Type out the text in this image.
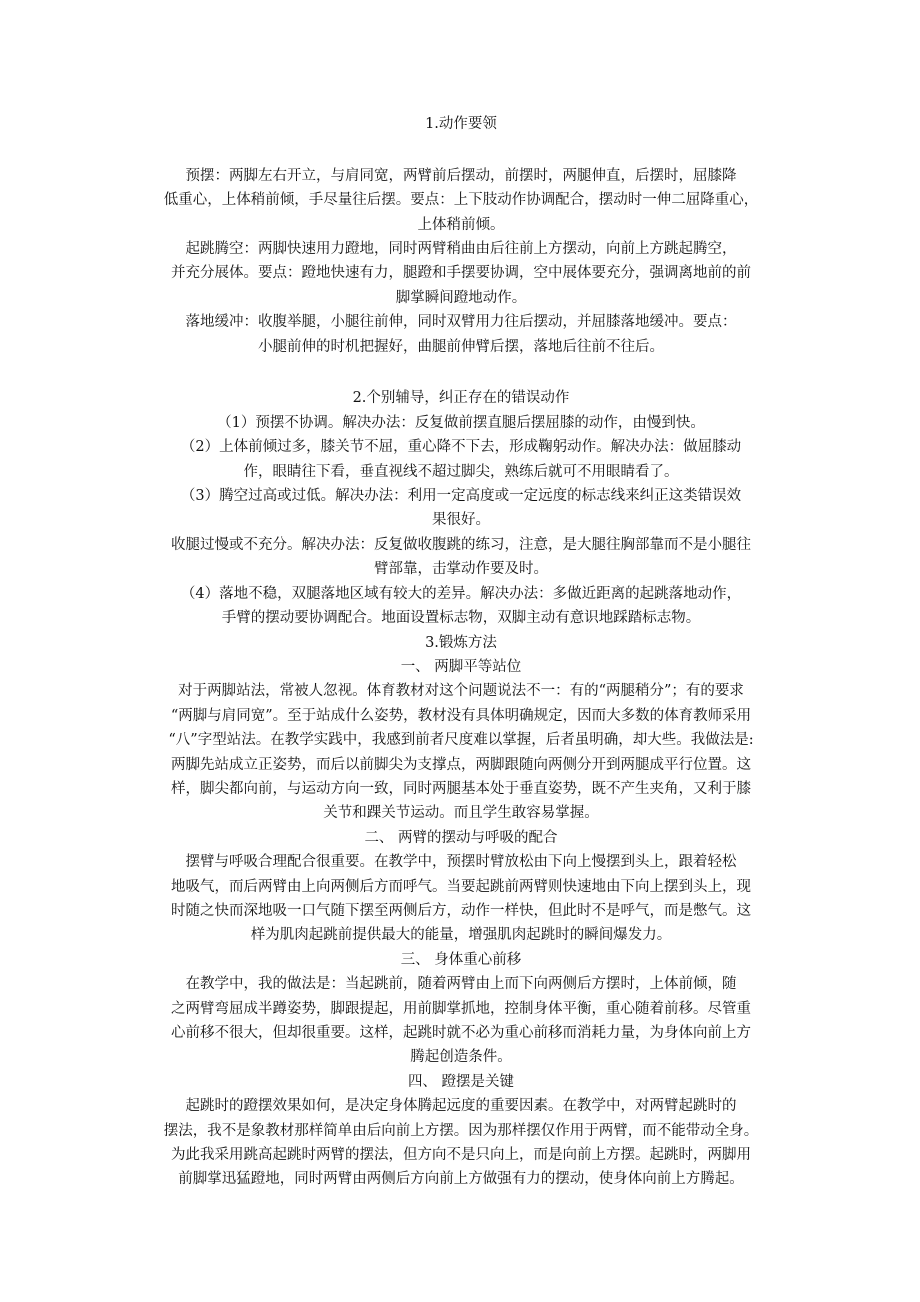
1.动作要领

预摆：两脚左右开立，与肩同宽，两臂前后摆动，前摆时，两腿伸直，后摆时，屈膝降

低重心，上体稍前倾，手尽量往后摆。要点：上下肢动作协调配合，摆动时一伸二屈降重心，

上体稍前倾。

起跳腾空：两脚快速用力蹬地，同时两臂稍曲由后往前上方摆动，向前上方跳起腾空，

并充分展体。要点：蹬地快速有力，腿蹬和手摆要协调，空中展体要充分，强调离地前的前

脚掌瞬间蹬地动作。

落地缓冲：收腹举腿，小腿往前伸，同时双臂用力往后摆动，并屈膝落地缓冲。要点：

小腿前伸的时机把握好，曲腿前伸臂后摆，落地后往前不往后。

2.个别辅导，纠正存在的错误动作

（1）预摆不协调。解决办法：反复做前摆直腿后摆屈膝的动作，由慢到快。

（2）上体前倾过多，膝关节不屈，重心降不下去，形成鞠躬动作。解决办法：做屈膝动

作，眼睛往下看，垂直视线不超过脚尖，熟练后就可不用眼睛看了。

（3）腾空过高或过低。解决办法：利用一定高度或一定远度的标志线来纠正这类错误效

果很好。

收腿过慢或不充分。解决办法：反复做收腹跳的练习，注意，是大腿往胸部靠而不是小腿往

臂部靠，击掌动作要及时。

（4）落地不稳，双腿落地区域有较大的差异。解决办法：多做近距离的起跳落地动作，

手臂的摆动要协调配合。地面设置标志物，双脚主动有意识地踩踏标志物。

3.锻炼方法

一、 两脚平等站位

对于两脚站法，常被人忽视。体育教材对这个问题说法不一：有的“两腿稍分”；有的要求

“两脚与肩同宽”。至于站成什么姿势，教材没有具体明确规定，因而大多数的体育教师采用

“八”字型站法。在教学实践中，我感到前者尺度难以掌握，后者虽明确，却大些。我做法是:

两脚先站成立正姿势，而后以前脚尖为支撑点，两脚跟随向两侧分开到两腿成平行位置。这

样，脚尖都向前，与运动方向一致，同时两腿基本处于垂直姿势，既不产生夹角，又利于膝

关节和踝关节运动。而且学生敢容易掌握。

二、 两臂的摆动与呼吸的配合

摆臂与呼吸合理配合很重要。在教学中，预摆时臂放松由下向上慢摆到头上，跟着轻松

地吸气，而后两臂由上向两侧后方而呼气。当要起跳前两臂则快速地由下向上摆到头上，现

时随之快而深地吸一口气随下摆至两侧后方，动作一样快，但此时不是呼气，而是憋气。这

样为肌肉起跳前提供最大的能量，增强肌肉起跳时的瞬间爆发力。

三、 身体重心前移

在教学中，我的做法是：当起跳前，随着两臂由上而下向两侧后方摆时，上体前倾，随

之两臂弯屈成半蹲姿势，脚跟提起，用前脚掌抓地，控制身体平衡，重心随着前移。尽管重

心前移不很大，但却很重要。这样，起跳时就不必为重心前移而消耗力量，为身体向前上方

腾起创造条件。

四、 蹬摆是关键

起跳时的蹬摆效果如何，是决定身体腾起远度的重要因素。在教学中，对两臂起跳时的

摆法，我不是象教材那样简单由后向前上方摆。因为那样摆仅作用于两臂，而不能带动全身。

为此我采用跳高起跳时两臂的摆法，但方向不是只向上，而是向前上方摆。起跳时，两脚用

前脚掌迅猛蹬地，同时两臂由两侧后方向前上方做强有力的摆动，使身体向前上方腾起。
